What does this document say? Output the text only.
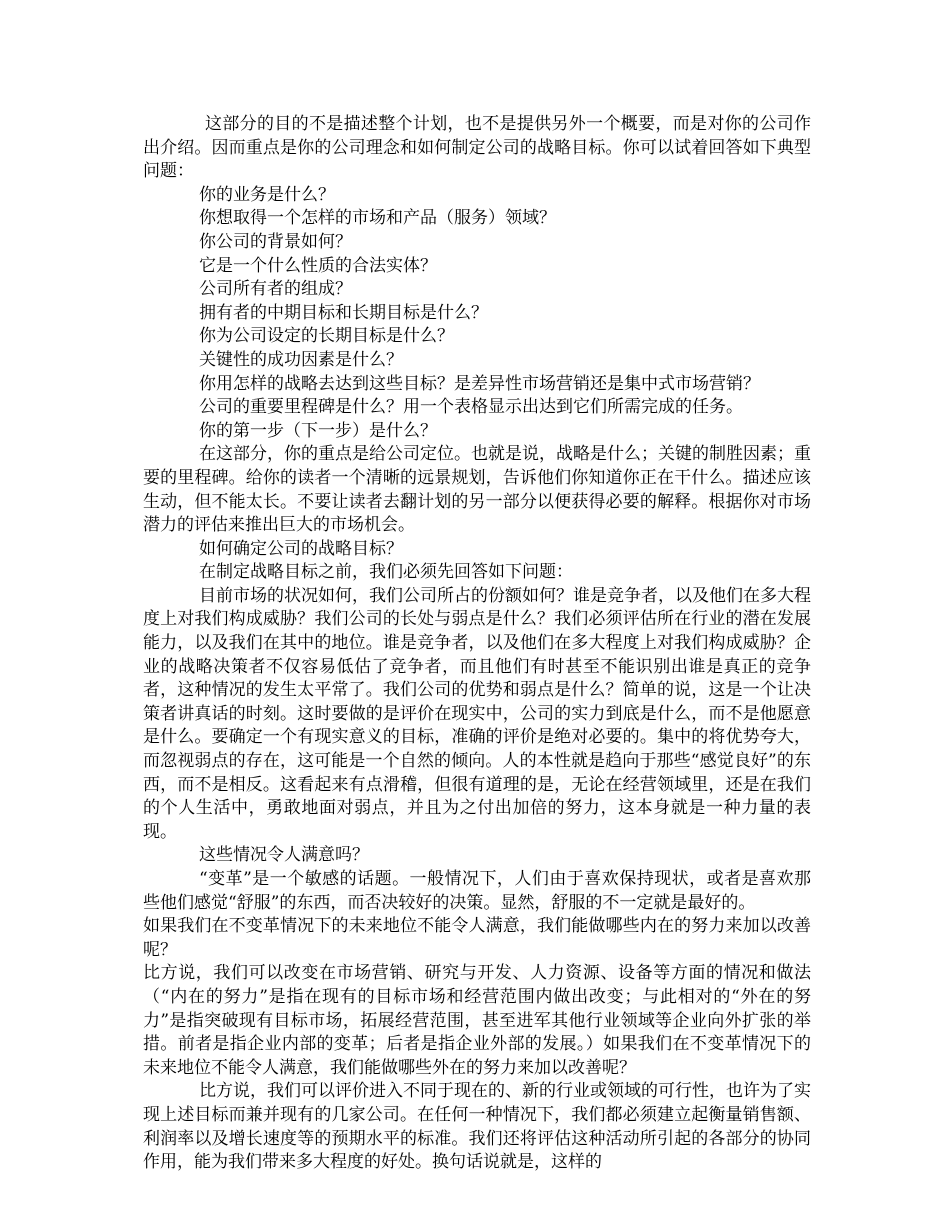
这部分的目的不是描述整个计划，也不是提供另外一个概要，而是对你的公司作出介绍。因而重点是你的公司理念和如何制定公司的战略目标。你可以试着回答如下典型问题：

你的业务是什么？

你想取得一个怎样的市场和产品（服务）领域？

你公司的背景如何？

它是一个什么性质的合法实体？

公司所有者的组成？

拥有者的中期目标和长期目标是什么？

你为公司设定的长期目标是什么？

关键性的成功因素是什么？

你用怎样的战略去达到这些目标？是差异性市场营销还是集中式市场营销？

公司的重要里程碑是什么？用一个表格显示出达到它们所需完成的任务。

你的第一步（下一步）是什么？

在这部分，你的重点是给公司定位。也就是说，战略是什么；关键的制胜因素；重要的里程碑。给你的读者一个清晰的远景规划，告诉他们你知道你正在干什么。描述应该生动，但不能太长。不要让读者去翻计划的另一部分以便获得必要的解释。根据你对市场潜力的评估来推出巨大的市场机会。

如何确定公司的战略目标？

在制定战略目标之前，我们必须先回答如下问题：

目前市场的状况如何，我们公司所占的份额如何？谁是竞争者，以及他们在多大程度上对我们构成威胁？我们公司的长处与弱点是什么？我们必须评估所在行业的潜在发展能力，以及我们在其中的地位。谁是竞争者，以及他们在多大程度上对我们构成威胁？企业的战略决策者不仅容易低估了竞争者，而且他们有时甚至不能识别出谁是真正的竞争者，这种情况的发生太平常了。我们公司的优势和弱点是什么？简单的说，这是一个让决策者讲真话的时刻。这时要做的是评价在现实中，公司的实力到底是什么，而不是他愿意是什么。要确定一个有现实意义的目标，准确的评价是绝对必要的。集中的将优势夸大，而忽视弱点的存在，这可能是一个自然的倾向。人的本性就是趋向于那些“感觉良好”的东西，而不是相反。这看起来有点滑稽，但很有道理的是，无论在经营领域里，还是在我们的个人生活中，勇敢地面对弱点，并且为之付出加倍的努力，这本身就是一种力量的表现。

这些情况令人满意吗？

“变革”是一个敏感的话题。一般情况下，人们由于喜欢保持现状，或者是喜欢那些他们感觉“舒服”的东西，而否决较好的决策。显然，舒服的不一定就是最好的。

如果我们在不变革情况下的未来地位不能令人满意，我们能做哪些内在的努力来加以改善呢？

比方说，我们可以改变在市场营销、研究与开发、人力资源、设备等方面的情况和做法（“内在的努力”是指在现有的目标市场和经营范围内做出改变；与此相对的“外在的努力”是指突破现有目标市场，拓展经营范围，甚至进军其他行业领域等企业向外扩张的举措。前者是指企业内部的变革；后者是指企业外部的发展。）如果我们在不变革情况下的未来地位不能令人满意，我们能做哪些外在的努力来加以改善呢？

比方说，我们可以评价进入不同于现在的、新的行业或领域的可行性，也许为了实现上述目标而兼并现有的几家公司。在任何一种情况下，我们都必须建立起衡量销售额、利润率以及增长速度等的预期水平的标准。我们还将评估这种活动所引起的各部分的协同作用，能为我们带来多大程度的好处。换句话说就是，这样的
